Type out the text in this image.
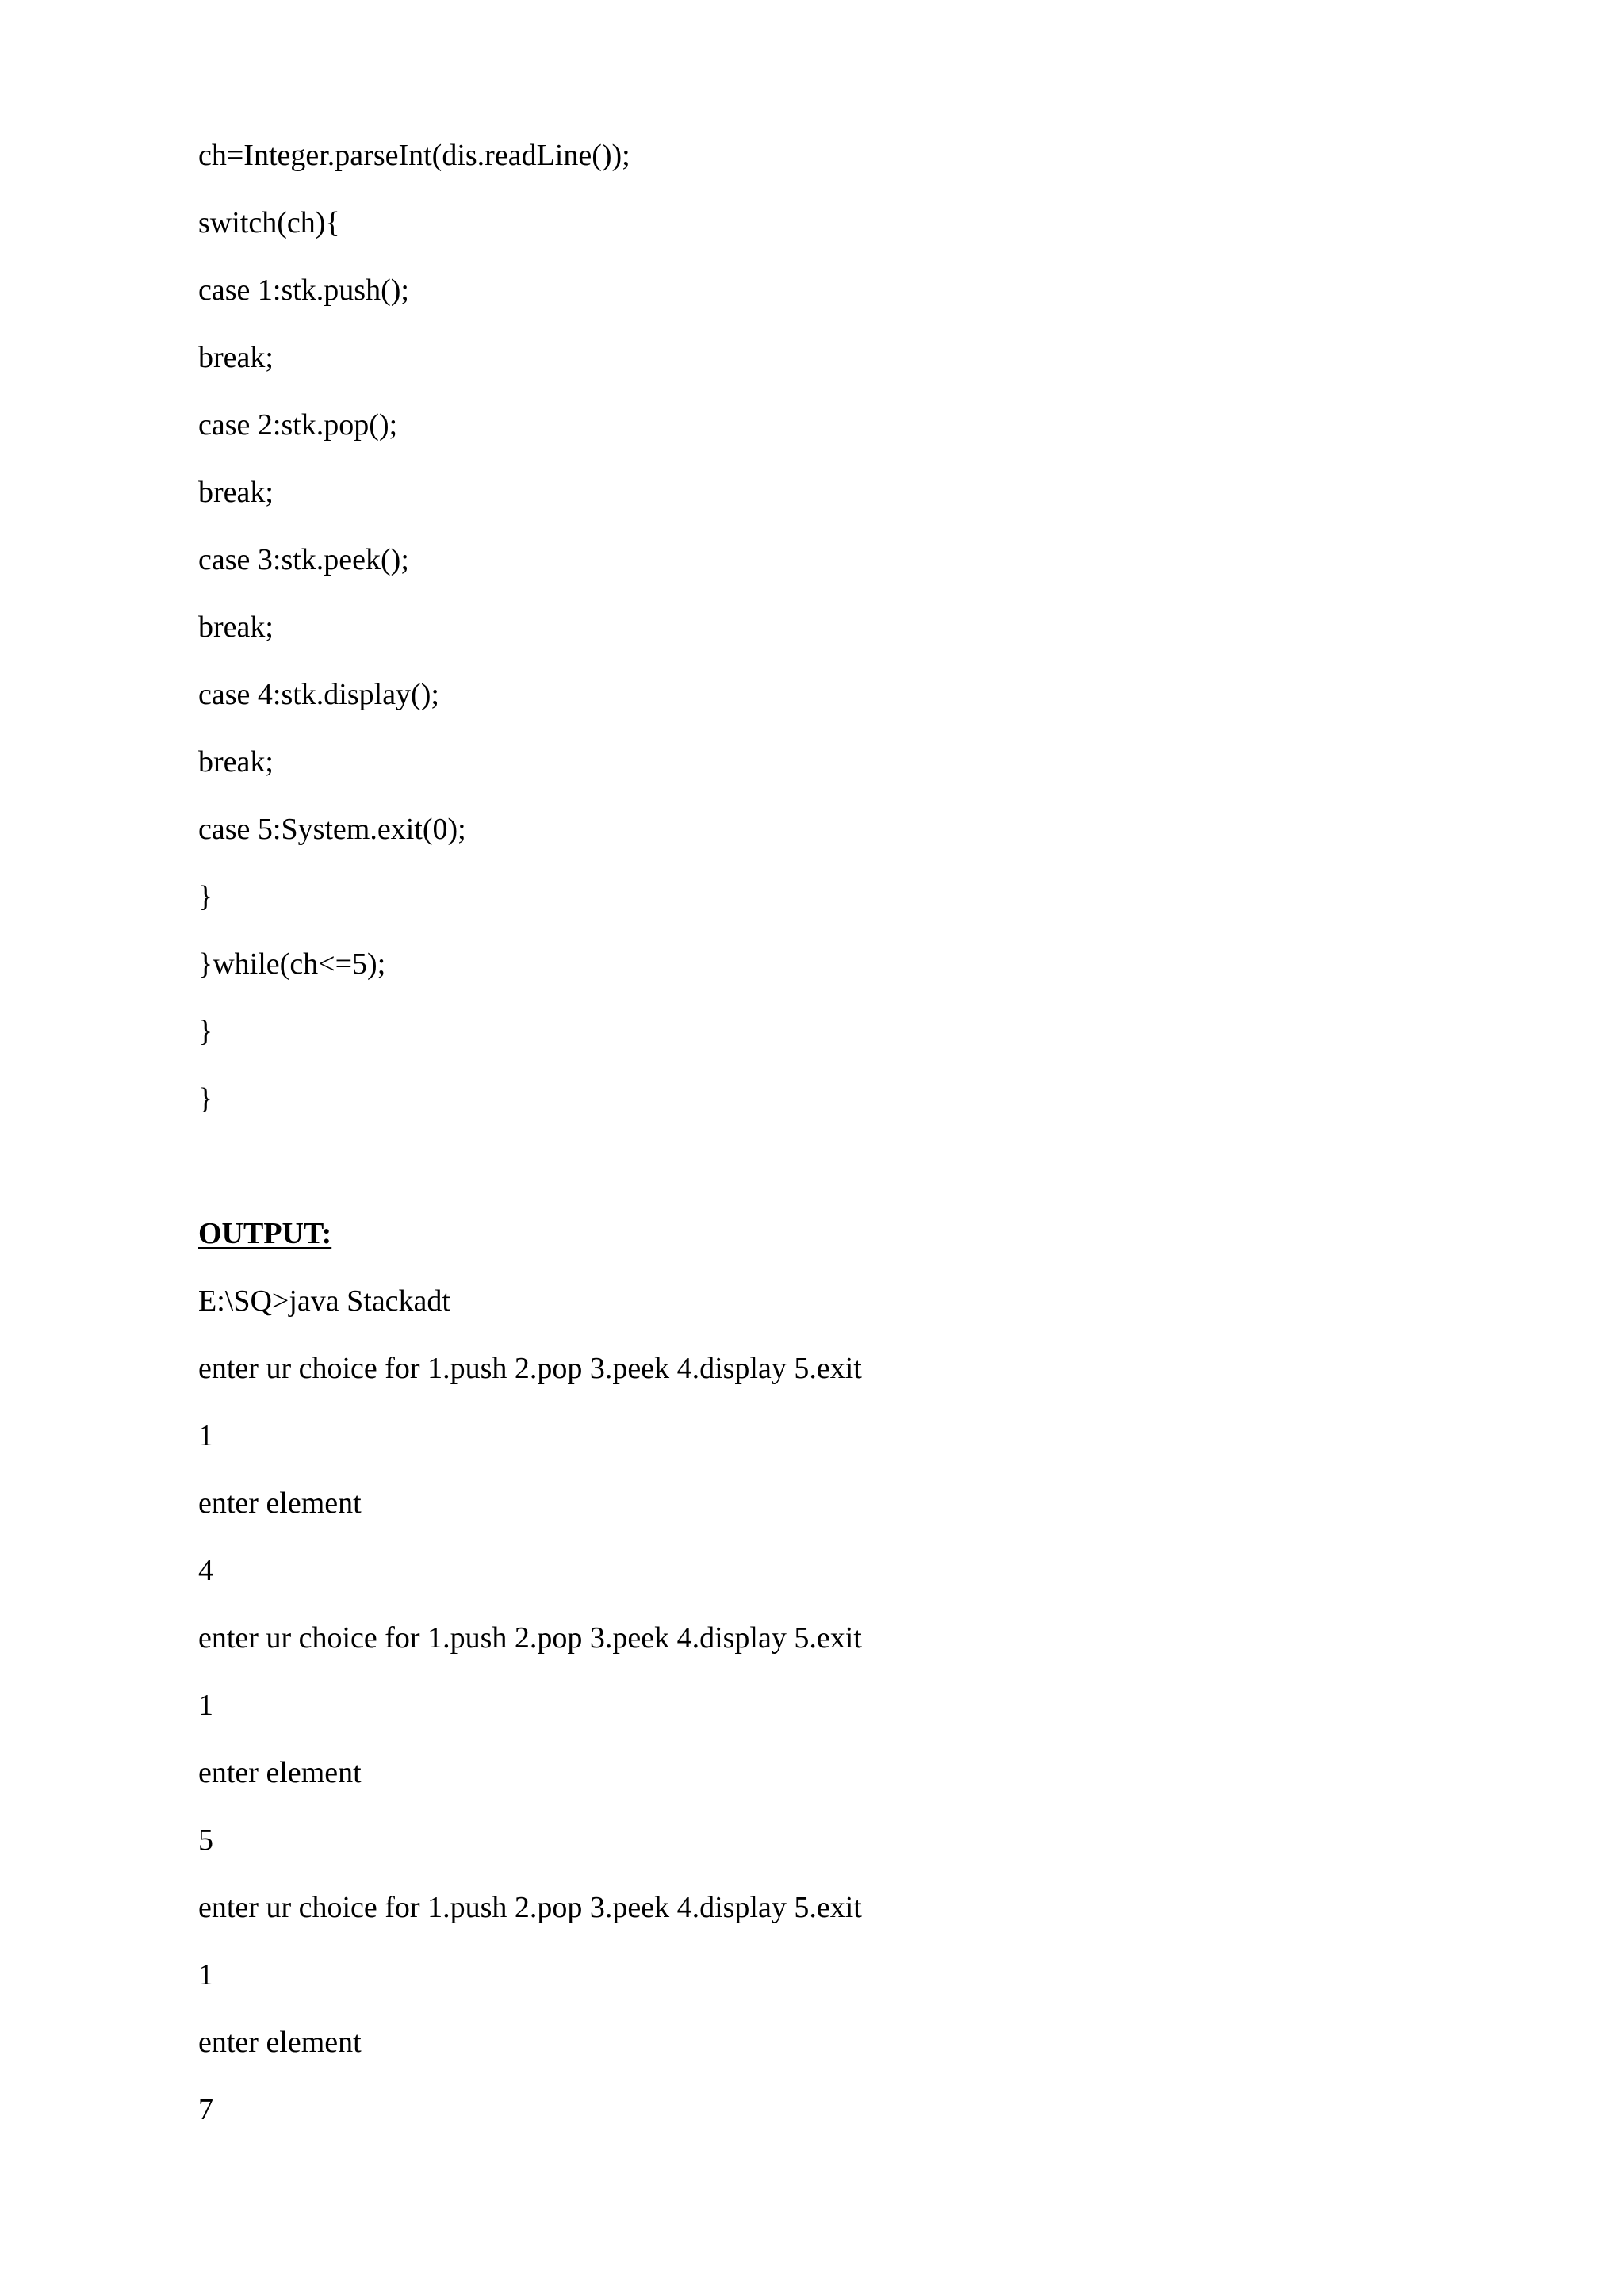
ch=Integer.parseInt(dis.readLine());
switch(ch){
case 1:stk.push();
break;
case 2:stk.pop();
break;
case 3:stk.peek();
break;
case 4:stk.display();
break;
case 5:System.exit(0);
}
}while(ch<=5);
}
}
OUTPUT:
E:\SQ>java Stackadt
enter ur choice for 1.push 2.pop 3.peek 4.display 5.exit
1
enter element
4
enter ur choice for 1.push 2.pop 3.peek 4.display 5.exit
1
enter element
5
enter ur choice for 1.push 2.pop 3.peek 4.display 5.exit
1
enter element
7
